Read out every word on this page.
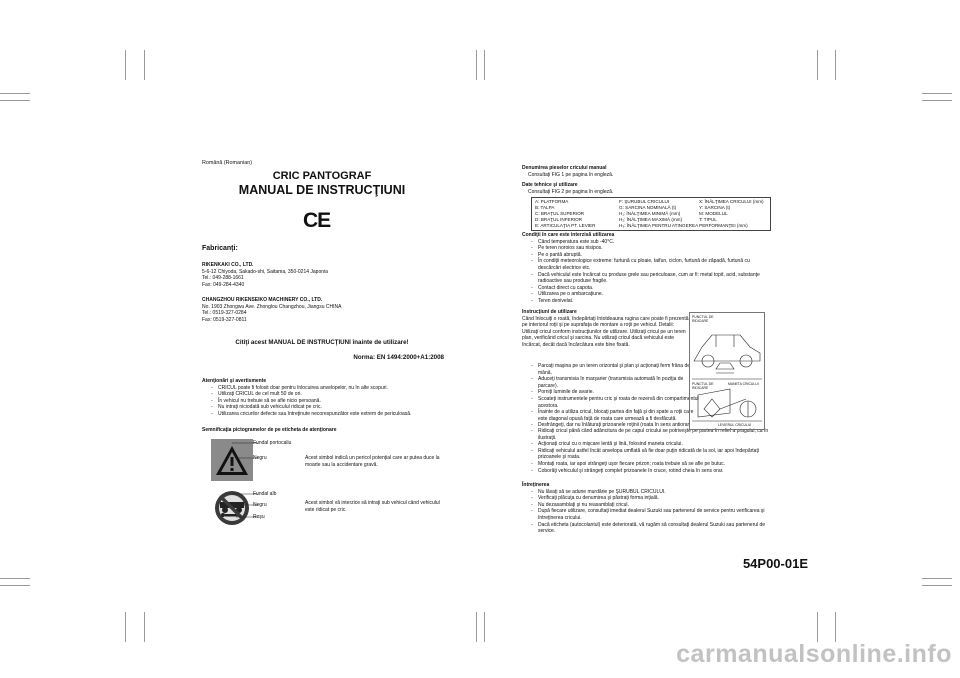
Română (Romanian)
CRIC PANTOGRAF
MANUAL DE INSTRUCŢIUNI
CE
Fabricanţi:
RIKENKAKI CO., LTD.
5-6-12 Chiyoda, Sakado-shi, Saitama, 350-0214 Japonia
Tel.: 049-288-1661
Fax: 049-284-4340
CHANGZHOU RIKENSEIKO MACHINERY CO., LTD.
No. 1903 Zhongwu Ave. Zhonglou Changzhou, Jiangsu CHINA
Tel.: 0519-327-0284
Fax: 0519-327-0811
Citiţi acest MANUAL DE INSTRUCŢIUNI înainte de utilizare!
Norma: EN 1494:2000+A1:2008
Atenţionări şi avertismente
- CRICUL poate fi folosit doar pentru înlocuirea anvelopelor, nu în alte scopuri.
- Utilizaţi CRICUL de cel mult 50 de ori.
- În vehicul nu trebuie să se afle nicio persoană.
- Nu intraţi niciodată sub vehiculul ridicat pe cric.
- Utilizarea cricurilor defecte sau întreţinute necorespunzător este extrem de periculoasă.
Semnificaţia pictogramelor de pe eticheta de atenţionare
Fundal portocaliu
Negru	Acest simbol indică un pericol potenţial care ar putea duce la moarte sau la accidentare gravă.
Fundal alb
Negru
Roşu
Acest simbol vă interzice să intraţi sub vehicul când vehiculul este ridicat pe cric.
Denumirea pieselor cricului manual
Consultaţi FIG 1 pe pagina în engleză.
Date tehnice şi utilizare
Consultaţi FIG 2 pe pagina în engleză.
A: PLATFORMA	F: ŞURUBUL CRICULUI	X: ÎNĂLŢIMEA CRICULUI (mm)
B: TALPA	G: SARCINA NOMINALĂ (t)	Y: SARCINA (t)
C: BRAŢUL SUPERIOR	H₁: ÎNĂLŢIMEA MINIMĂ (mm)	M: MODELUL
D: BRAŢUL INFERIOR	H₂: ÎNĂLŢIMEA MAXIMĂ (mm)	T: TIPUL
E: ARTICULAŢIA PT. LEVIER	H₃: ÎNĂLŢIMEA PENTRU ATINGEREA PERFORMANŢEI (mm)
Condiţii în care este interzisă utilizarea
- Când temperatura este sub -40°C.
- Pe teren noroios sau nisipos.
- Pe o pantă abruptă.
- În condiţii meteorologice extreme: furtună cu ploaie, taifun, ciclon, furtună de zăpadă, furtună cu descărcări electrice etc.
- Dacă vehiculul este încărcat cu produse grele sau periculoase, cum ar fi: metal topit, acid, substanţe radioactive sau produse fragile.
- Contact direct cu capota.
- Utilizarea pe o ambarcaţiune.
- Teren denivelat.
Instrucţiuni de utilizare
Când înlocuiţi o roată, îndepărtaţi întotdeauna rugina care poate fi prezentă pe interiorul roţii şi pe suprafaţa de montare a roţii pe vehicul. Detalii: Utilizaţi cricul conform instrucţiunilor de utilizare. Utilizaţi cricul pe un teren plan, verificând cricul şi sarcina. Nu utilizaţi cricul dacă vehiculul este încărcat, decât dacă încărcătura este bine fixată.
- Parcaţi maşina pe un teren orizontal şi plan şi acţionaţi ferm frâna de mână.
- Aduceţi transmisia în marşarier (transmisia automată în poziţia de parcare).
- Porniţi luminile de avarie.
- Scoateţi instrumentele pentru cric şi roata de rezervă din compartimentul acestora.
- Înainte de a utiliza cricul, blocaţi partea din faţă şi din spate a roţii care este diagonal opusă faţă de roata care urmează a fi desfăcută.
- Desfrângeţi, dar nu înlăturaţi prizoanele roţinii (roata în sens antiorar.
- Ridicaţi cricul până când adâncitura de pe capul cricului se potriveşte pe partea în relief a pragului, ca în ilustraţii.
- Acţionaţi cricul cu o mişcare lentă şi lină, folosind maneta cricului.
- Ridicaţi vehiculul astfel încât anvelopa umflată să fie doar puţin ridicată de la sol, iar apoi îndepărtaţi prizoanele şi roata.
- Montaţi roata, iar apoi strângeţi uşor fiecare prizon; roata trebuie să se afle pe butuc.
- Coborâţi vehiculul şi strângeţi complet prizoanele în cruce, rotind cheia în sens orar.
PUNCTUL DE RIDICARE
PUNCTUL DE RIDICARE
MANETA CRICULUI
LEVIERUL CRICULUI
Întreţinerea
- Nu lăsaţi să se adune murdărie pe ŞURUBUL CRICULUI.
- Verificaţi plăcuţa cu denumirea şi păstraţi forma inţială.
- Nu dezasamblaţi şi nu reasamblaţi cricul.
- După fiecare utilizare, consultaţi imediat dealerul Suzuki sau partenerul de service pentru verificarea şi întreţinerea cricului.
- Dacă eticheta (autocolantul) este deteriorată, vă rugăm să consultaţi dealerul Suzuki sau partenerul de service.
54P00-01E
carmanualsonline.info
